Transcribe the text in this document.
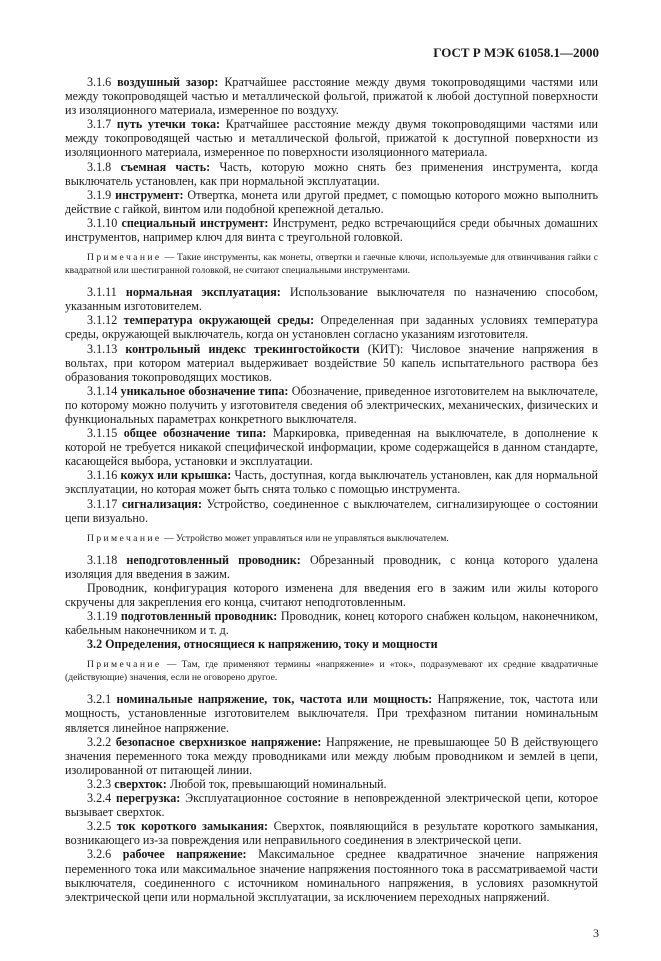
ГОСТ Р МЭК 61058.1—2000

3.1.6 воздушный зазор: Кратчайшее расстояние между двумя токопроводящими частями или между токопроводящей частью и металлической фольгой, прижатой к любой доступной поверхности из изоляционного материала, измеренное по воздуху.

3.1.7 путь утечки тока: Кратчайшее расстояние между двумя токопроводящими частями или между токопроводящей частью и металлической фольгой, прижатой к доступной поверхности из изоляционного материала, измеренное по поверхности изоляционного материала.

3.1.8 съемная часть: Часть, которую можно снять без применения инструмента, когда выключатель установлен, как при нормальной эксплуатации.

3.1.9 инструмент: Отвертка, монета или другой предмет, с помощью которого можно выполнить действие с гайкой, винтом или подобной крепежной деталью.

3.1.10 специальный инструмент: Инструмент, редко встречающийся среди обычных домашних инструментов, например ключ для винта с треугольной головкой.

Примечание — Такие инструменты, как монеты, отвертки и гаечные ключи, используемые для отвинчивания гайки с квадратной или шестигранной головкой, не считают специальными инструментами.

3.1.11 нормальная эксплуатация: Использование выключателя по назначению способом, указанным изготовителем.

3.1.12 температура окружающей среды: Определенная при заданных условиях температура среды, окружающей выключатель, когда он установлен согласно указаниям изготовителя.

3.1.13 контрольный индекс трекингостойкости (КИТ): Числовое значение напряжения в вольтах, при котором материал выдерживает воздействие 50 капель испытательного раствора без образования токопроводящих мостиков.

3.1.14 уникальное обозначение типа: Обозначение, приведенное изготовителем на выключателе, по которому можно получить у изготовителя сведения об электрических, механических, физических и функциональных параметрах конкретного выключателя.

3.1.15 общее обозначение типа: Маркировка, приведенная на выключателе, в дополнение к которой не требуется никакой специфической информации, кроме содержащейся в данном стандарте, касающейся выбора, установки и эксплуатации.

3.1.16 кожух или крышка: Часть, доступная, когда выключатель установлен, как для нормальной эксплуатации, но которая может быть снята только с помощью инструмента.

3.1.17 сигнализация: Устройство, соединенное с выключателем, сигнализирующее о состоянии цепи визуально.

Примечание — Устройство может управляться или не управляться выключателем.

3.1.18 неподготовленный проводник: Обрезанный проводник, с конца которого удалена изоляция для введения в зажим.

Проводник, конфигурация которого изменена для введения его в зажим или жилы которого скручены для закрепления его конца, считают неподготовленным.

3.1.19 подготовленный проводник: Проводник, конец которого снабжен кольцом, наконечником, кабельным наконечником и т. д.

3.2 Определения, относящиеся к напряжению, току и мощности

Примечание — Там, где применяют термины «напряжение» и «ток», подразумевают их средние квадратичные (действующие) значения, если не оговорено другое.

3.2.1 номинальные напряжение, ток, частота или мощность: Напряжение, ток, частота или мощность, установленные изготовителем выключателя. При трехфазном питании номинальным является линейное напряжение.

3.2.2 безопасное сверхнизкое напряжение: Напряжение, не превышающее 50 В действующего значения переменного тока между проводниками или между любым проводником и землей в цепи, изолированной от питающей линии.

3.2.3 сверхток: Любой ток, превышающий номинальный.

3.2.4 перегрузка: Эксплуатационное состояние в неповрежденной электрической цепи, которое вызывает сверхток.

3.2.5 ток короткого замыкания: Сверхток, появляющийся в результате короткого замыкания, возникающего из-за повреждения или неправильного соединения в электрической цепи.

3.2.6 рабочее напряжение: Максимальное среднее квадратичное значение напряжения переменного тока или максимальное значение напряжения постоянного тока в рассматриваемой части выключателя, соединенного с источником номинального напряжения, в условиях разомкнутой электрической цепи или нормальной эксплуатации, за исключением переходных напряжений.

3
